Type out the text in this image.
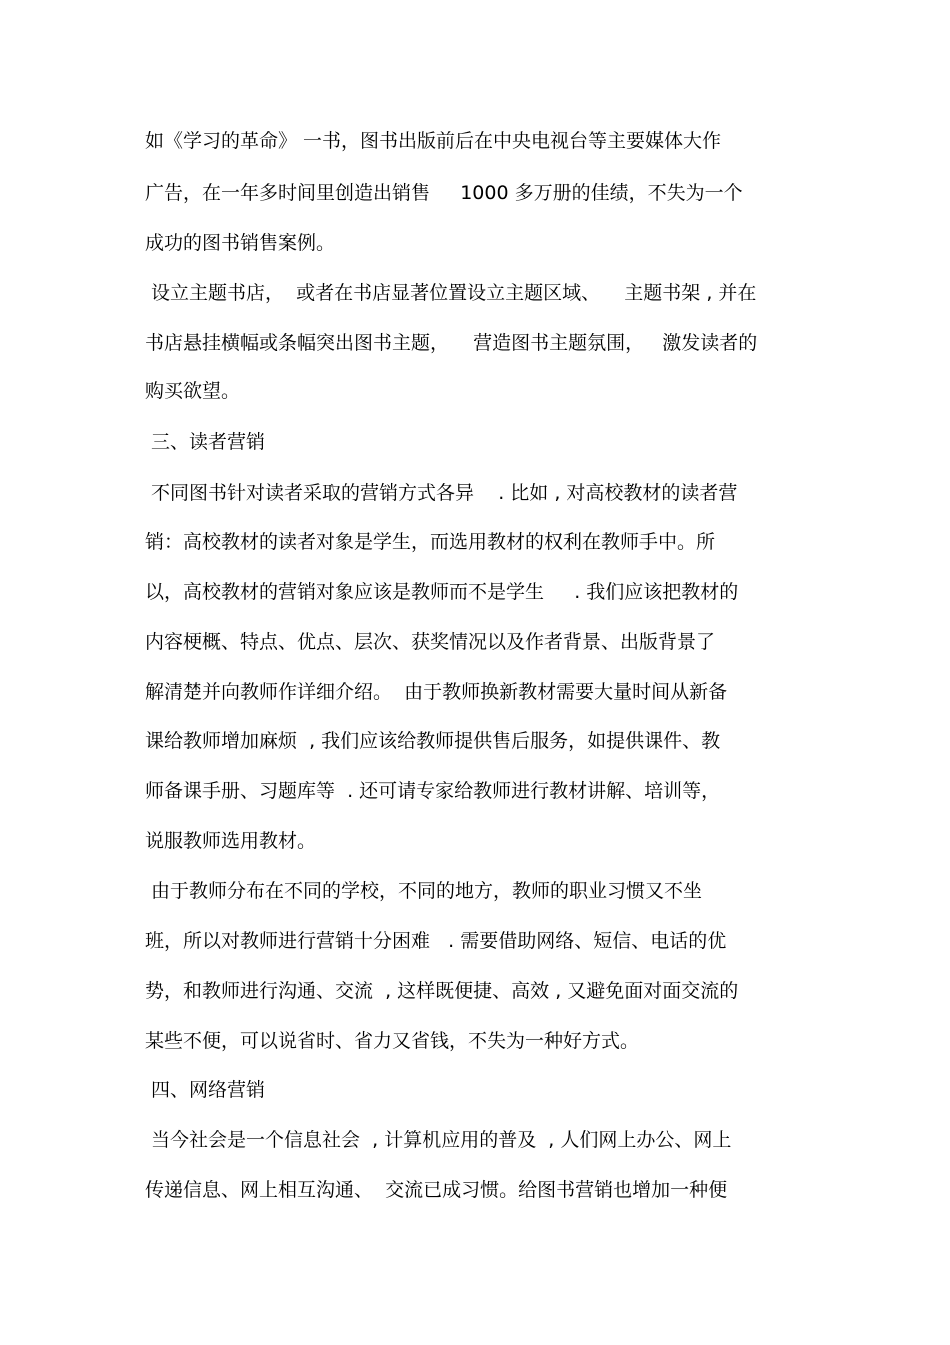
如《学习的革命》 一书，图书出版前后在中央电视台等主要媒体大作
广告，在一年多时间里创造出销售     1000 多万册的佳绩，不失为一个
成功的图书销售案例。
设立主题书店，  或者在书店显著位置设立主题区域、    主题书架 , 并在
书店悬挂横幅或条幅突出图书主题，    营造图书主题氛围，   激发读者的
购买欲望。
三、读者营销
不同图书针对读者采取的营销方式各异    . 比如 , 对高校教材的读者营
销：高校教材的读者对象是学生，而选用教材的权利在教师手中。所
以，高校教材的营销对象应该是教师而不是学生     . 我们应该把教材的
内容梗概、特点、优点、层次、获奖情况以及作者背景、出版背景了
解清楚并向教师作详细介绍。  由于教师换新教材需要大量时间从新备
课给教师增加麻烦  , 我们应该给教师提供售后服务，如提供课件、教
师备课手册、习题库等  . 还可请专家给教师进行教材讲解、培训等，
说服教师选用教材。
由于教师分布在不同的学校，不同的地方，教师的职业习惯又不坐
班，所以对教师进行营销十分困难   . 需要借助网络、短信、电话的优
势，和教师进行沟通、交流  , 这样既便捷、高效 , 又避免面对面交流的
某些不便，可以说省时、省力又省钱，不失为一种好方式。
四、网络营销
当今社会是一个信息社会  , 计算机应用的普及  , 人们网上办公、网上
传递信息、网上相互沟通、  交流已成习惯。给图书营销也增加一种便
